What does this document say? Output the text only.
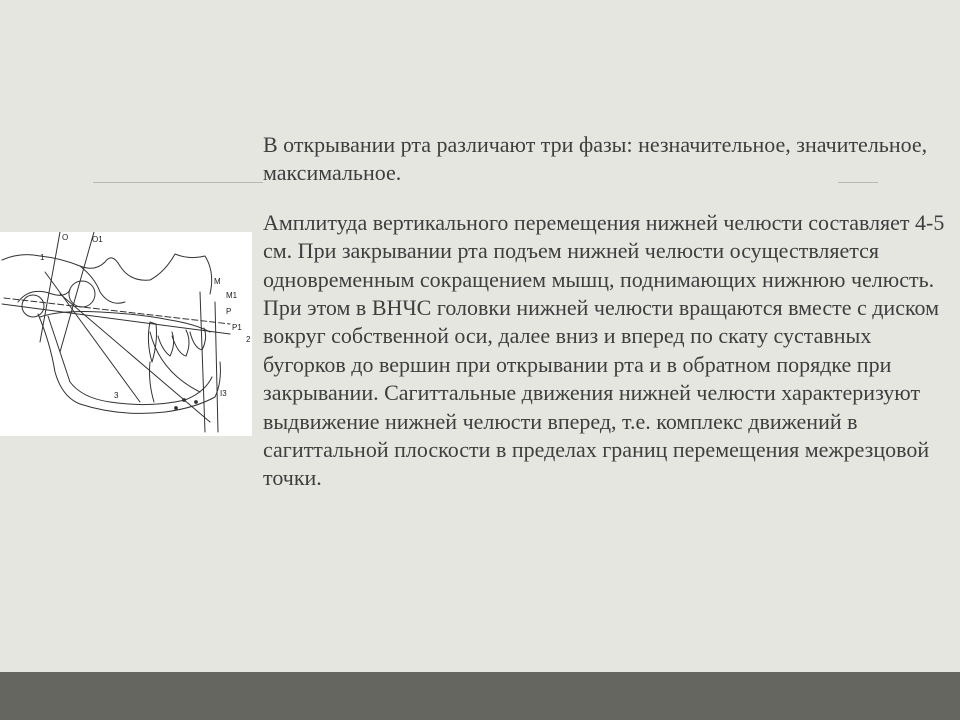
O	O1
1
M
M1
P
P1
2
3	I3

В открывании рта различают три фазы: незначительное, значительное, максимальное.

Амплитуда вертикального перемещения нижней челюсти составляет 4-5 см. При закрывании рта подъем нижней челюсти осуществляется одновременным сокращением мышц, поднимающих нижнюю челюсть. При этом в ВНЧС головки нижней челюсти вращаются вместе с диском вокруг собственной оси, далее вниз и вперед по скату суставных бугорков до вершин при открывании рта и в обратном порядке при закрывании. Сагиттальные движения нижней челюсти характеризуют выдвижение нижней челюсти вперед, т.е. комплекс движений в сагиттальной плоскости в пределах границ перемещения межрезцовой точки.
